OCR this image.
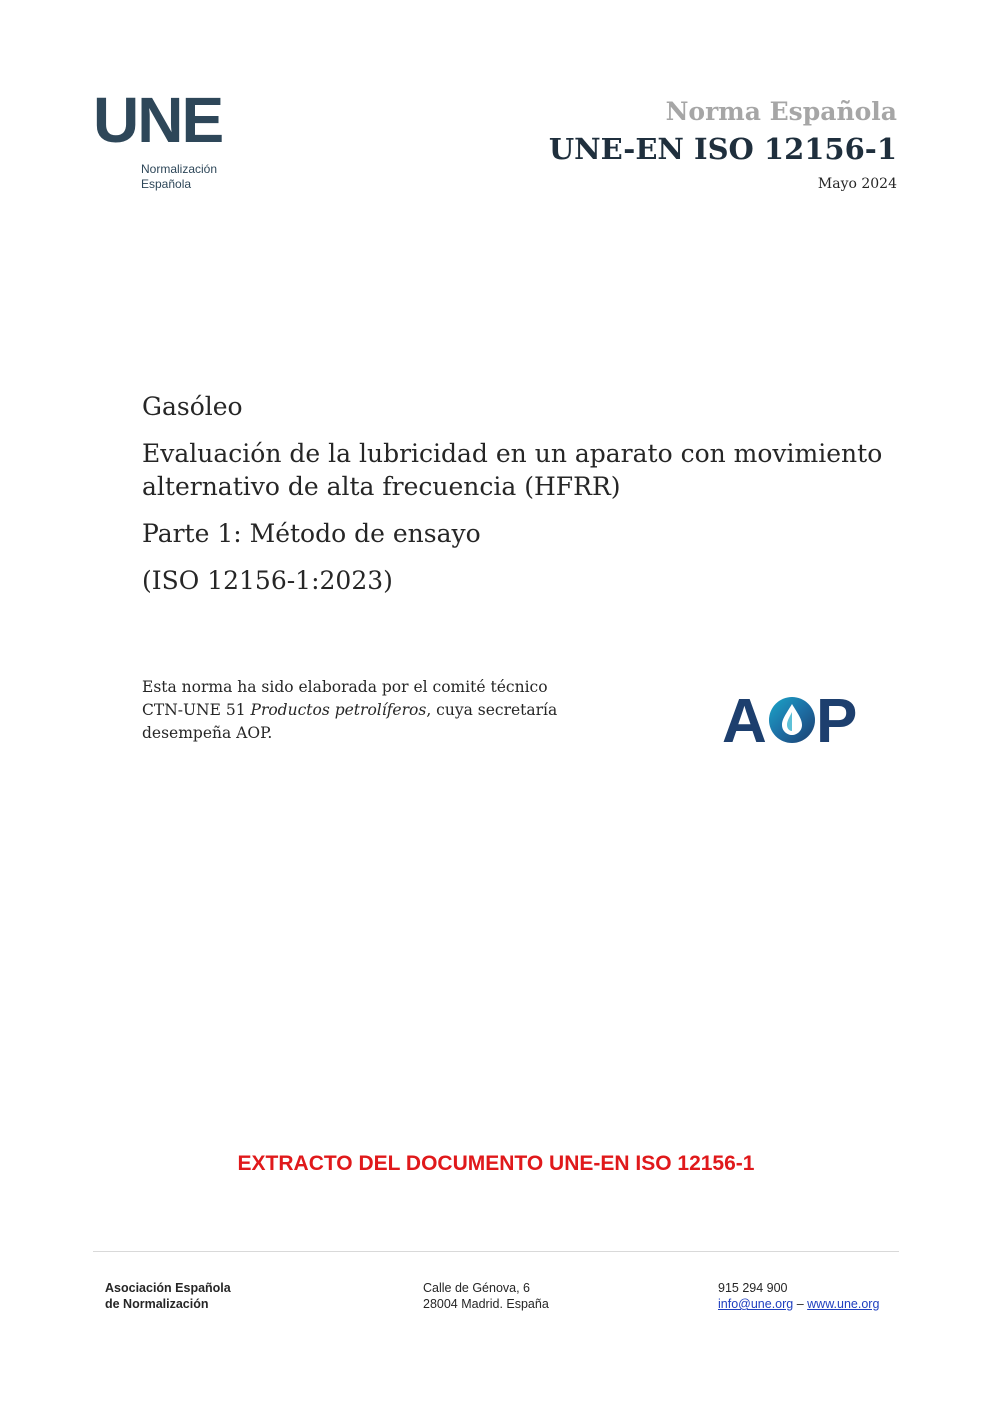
UNE
Normalización
Española
Norma Española
UNE-EN ISO 12156-1
Mayo 2024
Gasóleo
Evaluación de la lubricidad en un aparato con movimiento alternativo de alta frecuencia (HFRR)
Parte 1: Método de ensayo
(ISO 12156-1:2023)
Esta norma ha sido elaborada por el comité técnico
CTN-UNE 51 Productos petrolíferos, cuya secretaría
desempeña AOP.	A P
EXTRACTO DEL DOCUMENTO UNE-EN ISO 12156-1
Asociación Española
de Normalización
Calle de Génova, 6
28004 Madrid. España
915 294 900
info@une.org – www.une.org
